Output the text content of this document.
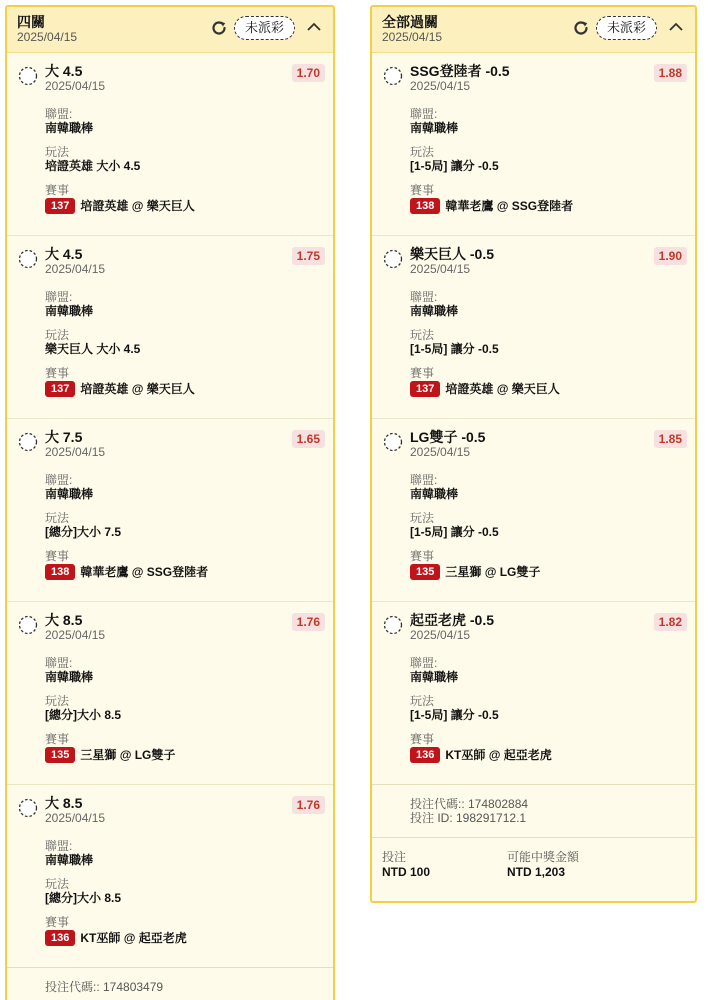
四關
2025/04/15
未派彩
大 4.5
2025/04/15
1.70
聯盟:
南韓職棒
玩法
培證英雄 大小 4.5
賽事
137 培證英雄 @ 樂天巨人
大 4.5
2025/04/15
1.75
聯盟:
南韓職棒
玩法
樂天巨人 大小 4.5
賽事
137 培證英雄 @ 樂天巨人
大 7.5
2025/04/15
1.65
聯盟:
南韓職棒
玩法
[總分]大小 7.5
賽事
138 韓華老鷹 @ SSG登陸者
大 8.5
2025/04/15
1.76
聯盟:
南韓職棒
玩法
[總分]大小 8.5
賽事
135 三星獅 @ LG雙子
大 8.5
2025/04/15
1.76
聯盟:
南韓職棒
玩法
[總分]大小 8.5
賽事
136 KT巫師 @ 起亞老虎
投注代碼:: 174803479
全部過關
2025/04/15
未派彩
SSG登陸者 -0.5
2025/04/15
1.88
聯盟:
南韓職棒
玩法
[1-5局] 讓分 -0.5
賽事
138 韓華老鷹 @ SSG登陸者
樂天巨人 -0.5
2025/04/15
1.90
聯盟:
南韓職棒
玩法
[1-5局] 讓分 -0.5
賽事
137 培證英雄 @ 樂天巨人
LG雙子 -0.5
2025/04/15
1.85
聯盟:
南韓職棒
玩法
[1-5局] 讓分 -0.5
賽事
135 三星獅 @ LG雙子
起亞老虎 -0.5
2025/04/15
1.82
聯盟:
南韓職棒
玩法
[1-5局] 讓分 -0.5
賽事
136 KT巫師 @ 起亞老虎
投注代碼:: 174802884
投注 ID: 198291712.1
投注
NTD 100
可能中獎金額
NTD 1,203
